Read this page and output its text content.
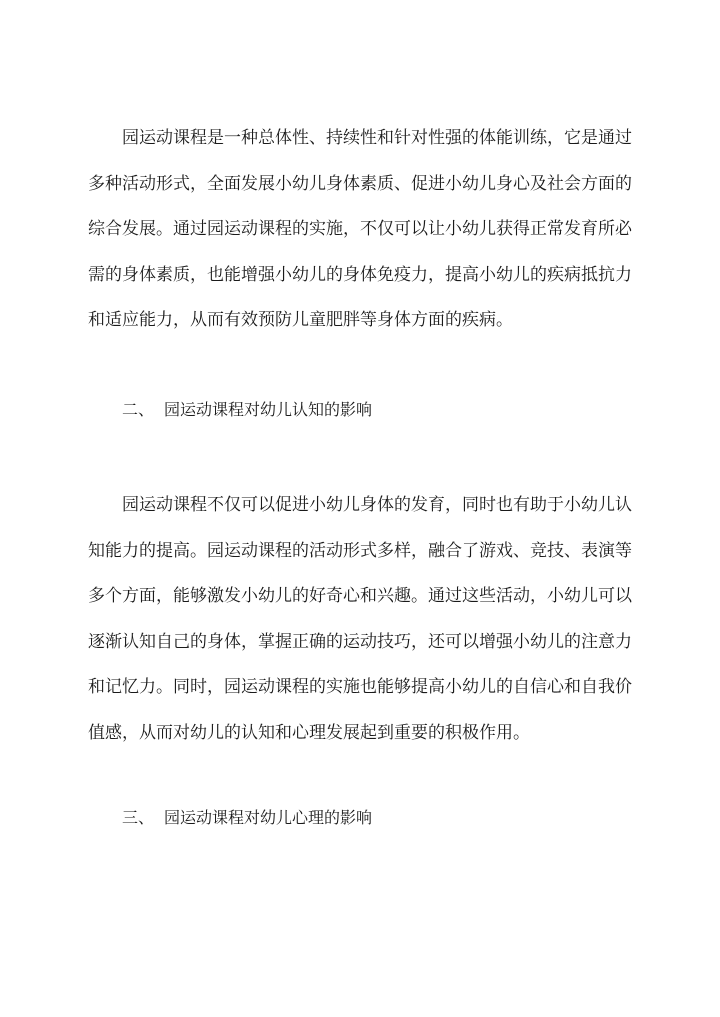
园运动课程是一种总体性、持续性和针对性强的体能训练，它是通过
多种活动形式，全面发展小幼儿身体素质、促进小幼儿身心及社会方面的
综合发展。通过园运动课程的实施，不仅可以让小幼儿获得正常发育所必
需的身体素质，也能增强小幼儿的身体免疫力，提高小幼儿的疾病抵抗力
和适应能力，从而有效预防儿童肥胖等身体方面的疾病。
二、 园运动课程对幼儿认知的影响
园运动课程不仅可以促进小幼儿身体的发育，同时也有助于小幼儿认
知能力的提高。园运动课程的活动形式多样，融合了游戏、竞技、表演等
多个方面，能够激发小幼儿的好奇心和兴趣。通过这些活动，小幼儿可以
逐渐认知自己的身体，掌握正确的运动技巧，还可以增强小幼儿的注意力
和记忆力。同时，园运动课程的实施也能够提高小幼儿的自信心和自我价
值感，从而对幼儿的认知和心理发展起到重要的积极作用。
三、 园运动课程对幼儿心理的影响
